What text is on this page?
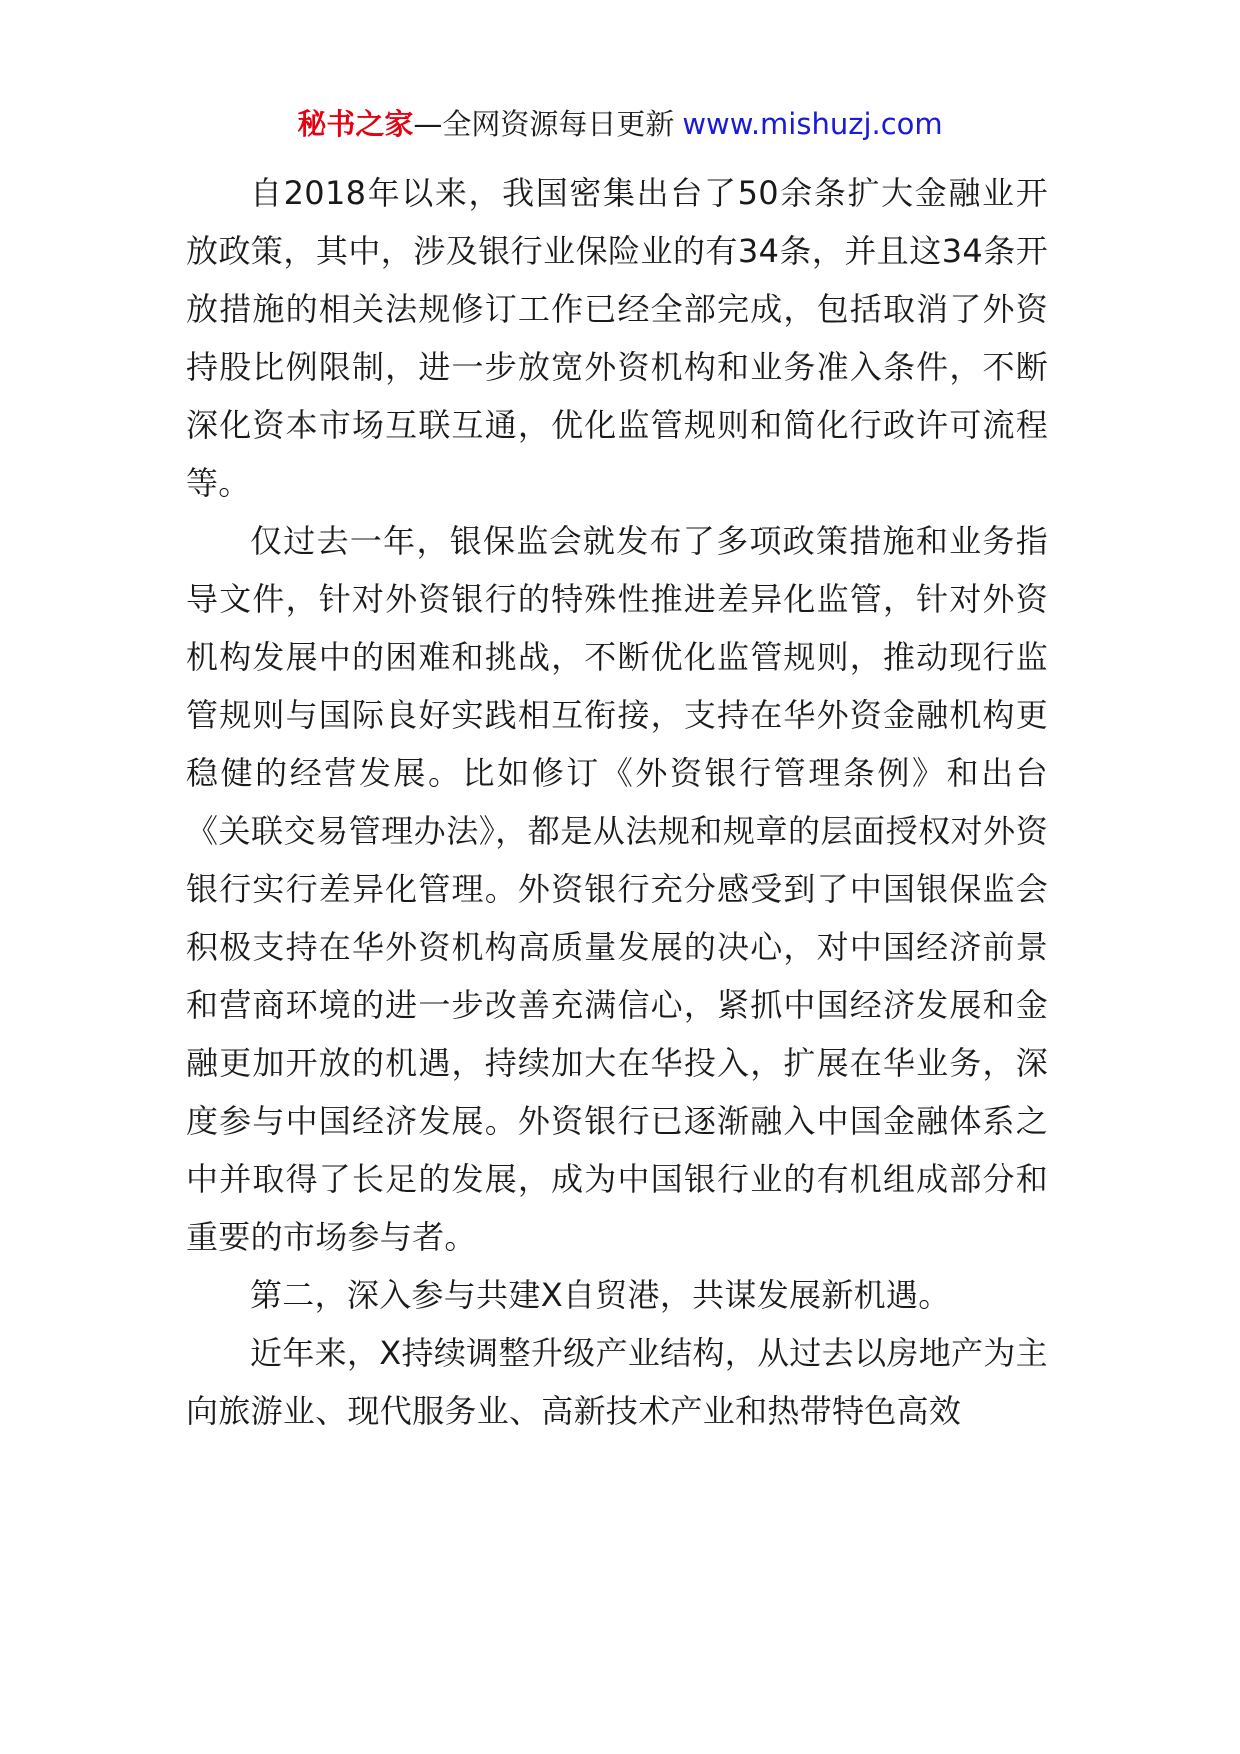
秘书之家—全网资源每日更新 www.mishuzj.com

自2018年以来，我国密集出台了50余条扩大金融业开放政策，其中，涉及银行业保险业的有34条，并且这34条开放措施的相关法规修订工作已经全部完成，包括取消了外资持股比例限制，进一步放宽外资机构和业务准入条件，不断深化资本市场互联互通，优化监管规则和简化行政许可流程等。

仅过去一年，银保监会就发布了多项政策措施和业务指导文件，针对外资银行的特殊性推进差异化监管，针对外资机构发展中的困难和挑战，不断优化监管规则，推动现行监管规则与国际良好实践相互衔接，支持在华外资金融机构更稳健的经营发展。比如修订《外资银行管理条例》和出台《关联交易管理办法》，都是从法规和规章的层面授权对外资银行实行差异化管理。外资银行充分感受到了中国银保监会积极支持在华外资机构高质量发展的决心，对中国经济前景和营商环境的进一步改善充满信心，紧抓中国经济发展和金融更加开放的机遇，持续加大在华投入，扩展在华业务，深度参与中国经济发展。外资银行已逐渐融入中国金融体系之中并取得了长足的发展，成为中国银行业的有机组成部分和重要的市场参与者。

第二，深入参与共建X自贸港，共谋发展新机遇。

近年来，X持续调整升级产业结构，从过去以房地产为主向旅游业、现代服务业、高新技术产业和热带特色高效
